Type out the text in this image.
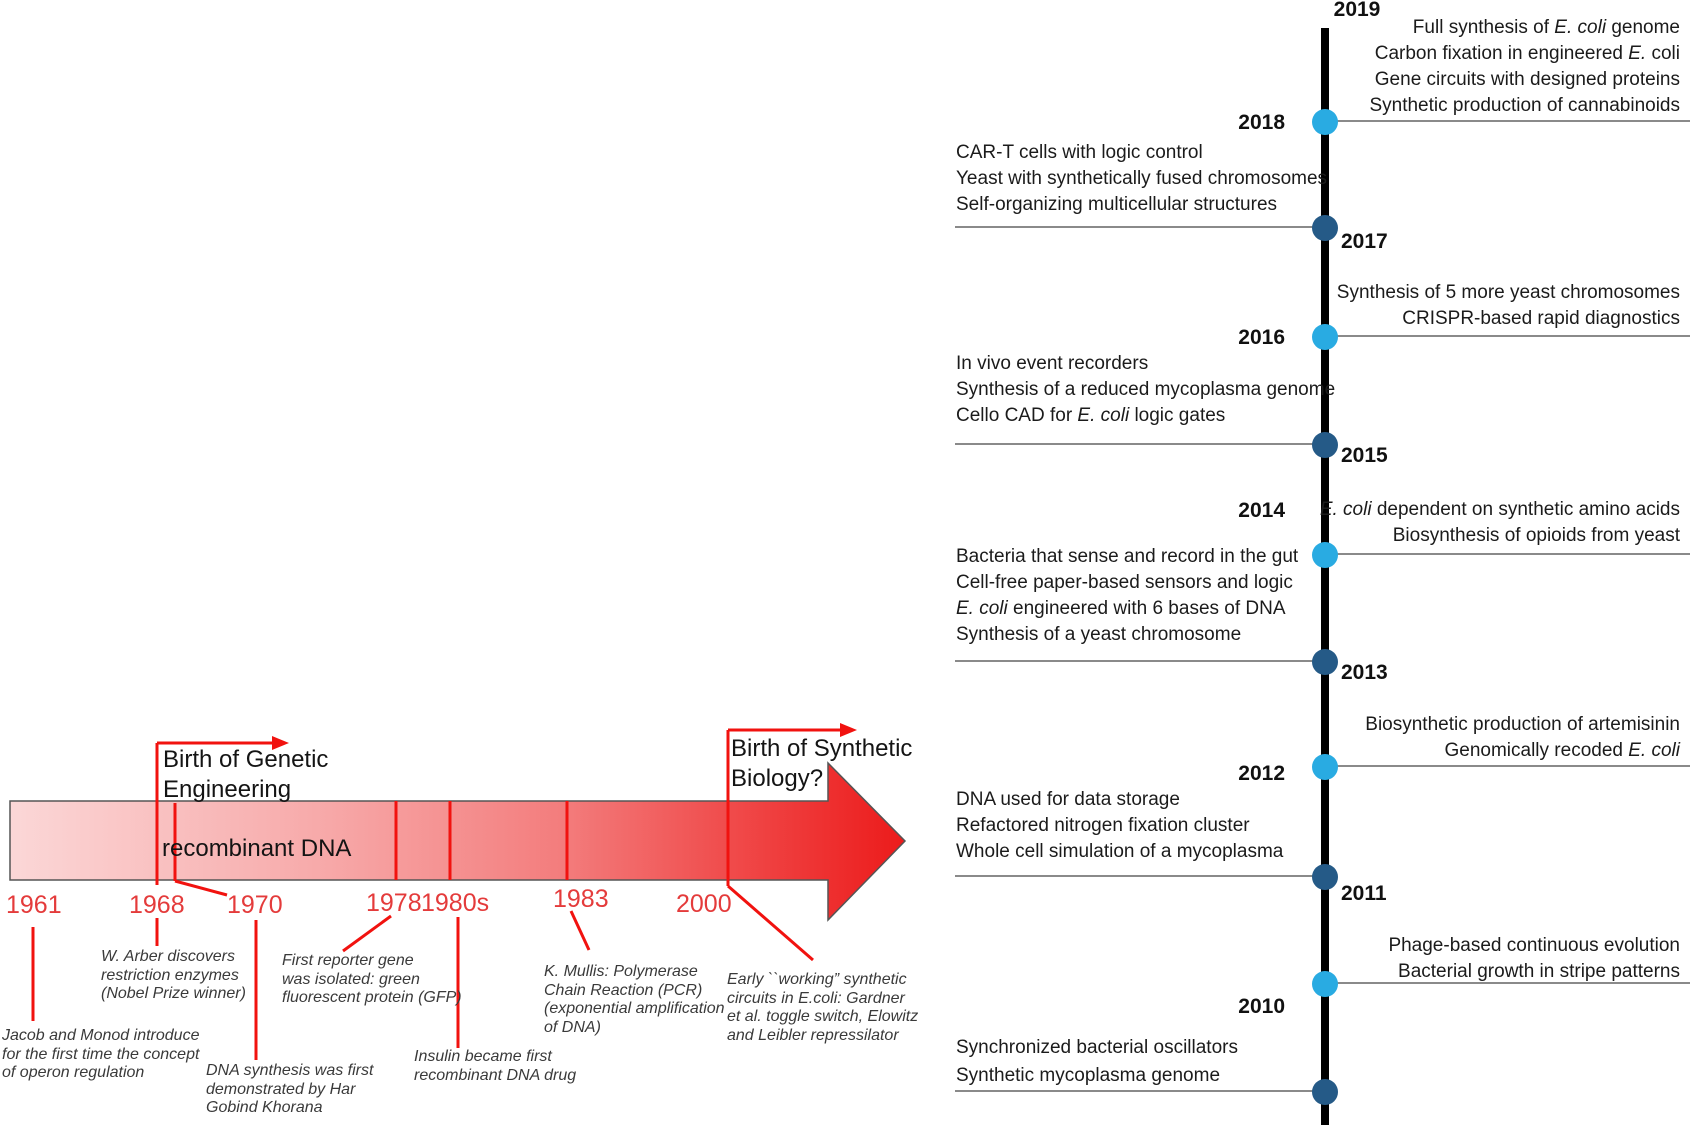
Birth of Genetic
Engineering
Birth of Synthetic
Biology?
recombinant DNA
1961	1968 1970	1978 1980s	1983	2000
Jacob and Monod introduce
for the first time the concept
of operon regulation
W. Arber discovers
restriction enzymes
(Nobel Prize winner)
DNA synthesis was first
demonstrated by Har
Gobind Khorana
First reporter gene
was isolated: green
fluorescent protein (GFP)
Insulin became first
recombinant DNA drug
K. Mullis: Polymerase
Chain Reaction (PCR)
(exponential amplification
of DNA)
Early ``working” synthetic
circuits in E.coli: Gardner
et al. toggle switch, Elowitz
and Leibler repressilator
2019
2018
2017
2016
2015
2014
2013
2012
2011
2010
Full synthesis of E. coli genome
Carbon fixation in engineered E. coli
Gene circuits with designed proteins
Synthetic production of cannabinoids
CAR-T cells with logic control
Yeast with synthetically fused chromosomes
Self-organizing multicellular structures
Synthesis of 5 more yeast chromosomes
CRISPR-based rapid diagnostics
In vivo event recorders
Synthesis of a reduced mycoplasma genome
Cello CAD for E. coli logic gates
E. coli dependent on synthetic amino acids
Biosynthesis of opioids from yeast
Bacteria that sense and record in the gut
Cell-free paper-based sensors and logic
E. coli engineered with 6 bases of DNA
Synthesis of a yeast chromosome
Biosynthetic production of artemisinin
Genomically recoded E. coli
DNA used for data storage
Refactored nitrogen fixation cluster
Whole cell simulation of a mycoplasma
Phage-based continuous evolution
Bacterial growth in stripe patterns
Synchronized bacterial oscillators
Synthetic mycoplasma genome
